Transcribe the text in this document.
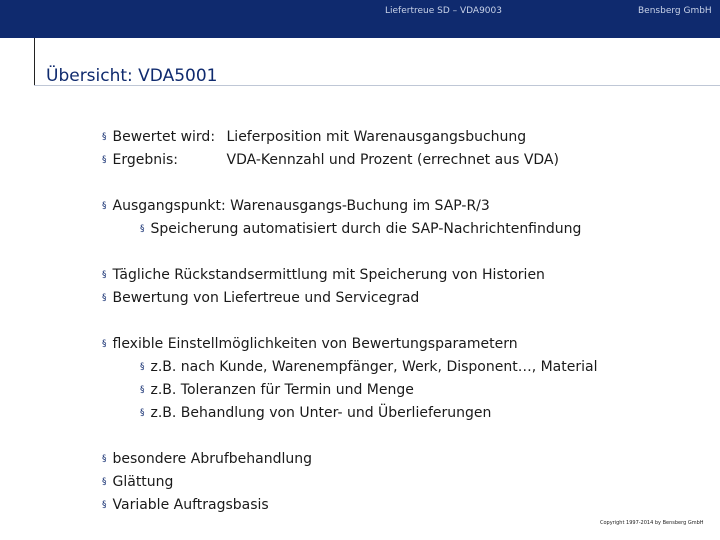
Liefertreue SD – VDA9003	Bensberg GmbH
Übersicht: VDA5001
§ Bewertet wird: Lieferposition mit Warenausgangsbuchung
§ Ergebnis:	VDA-Kennzahl und Prozent (errechnet aus VDA)
§ Ausgangspunkt: Warenausgangs-Buchung im SAP-R/3
§ Speicherung automatisiert durch die SAP-Nachrichtenfindung
§ Tägliche Rückstandsermittlung mit Speicherung von Historien
§ Bewertung von Liefertreue und Servicegrad
§ flexible Einstellmöglichkeiten von Bewertungsparametern
§ z.B. nach Kunde, Warenempfänger, Werk, Disponent…, Material
§ z.B. Toleranzen für Termin und Menge
§ z.B. Behandlung von Unter- und Überlieferungen
§ besondere Abrufbehandlung
§ Glättung
§ Variable Auftragsbasis
Copyright 1997-2014 by Bensberg GmbH
